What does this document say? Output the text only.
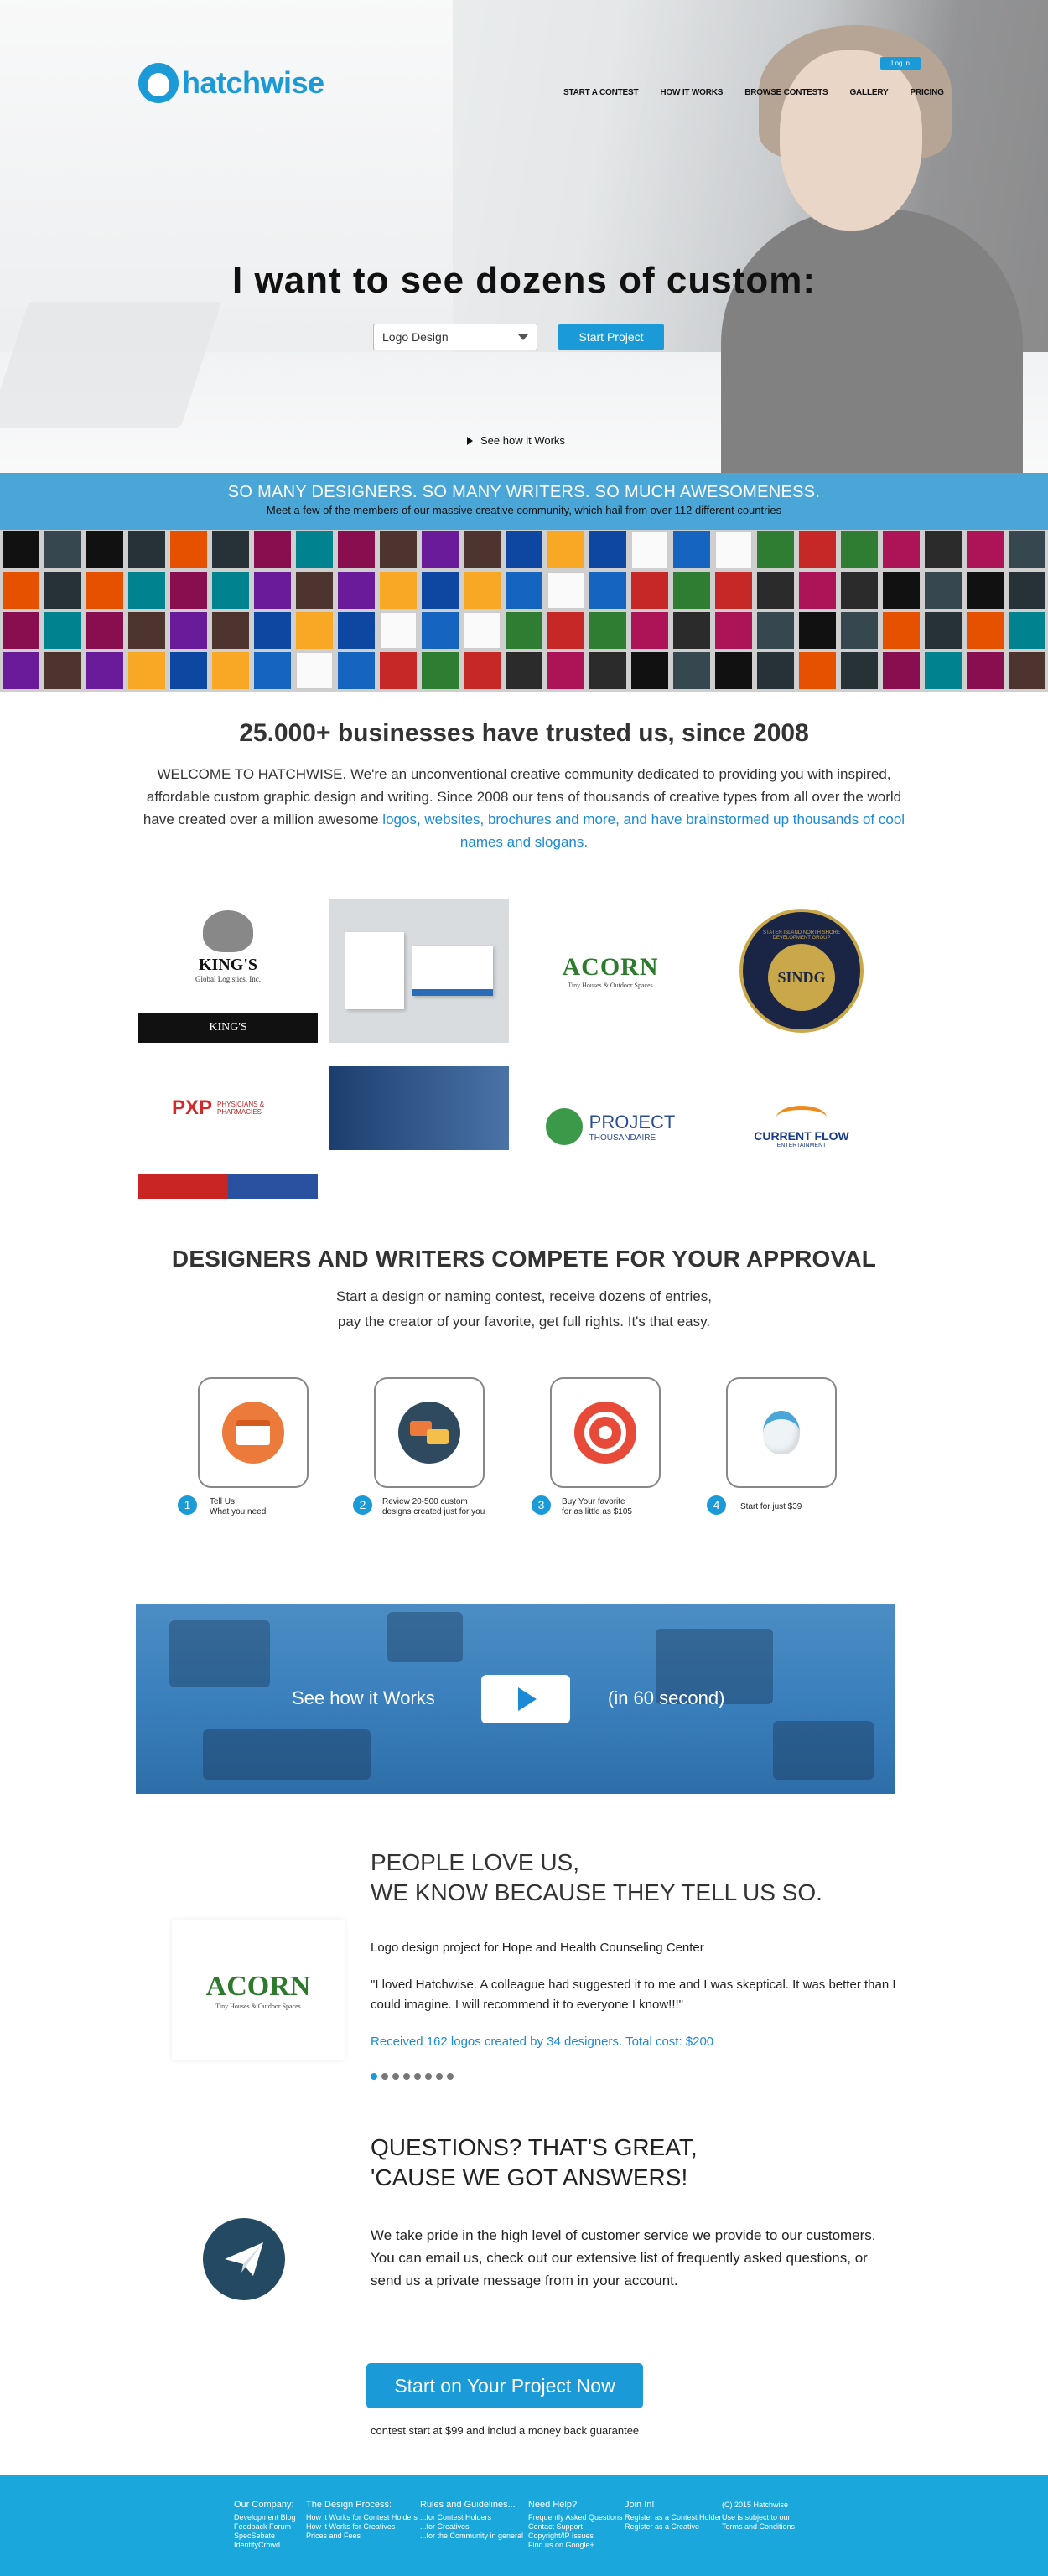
hatchwise
Log in
START A CONTEST	HOW IT WORKS	BROWSE CONTESTS	GALLERY	PRICING
I want to see dozens of custom:
Logo Design	Start Project
See how it Works
SO MANY DESIGNERS. SO MANY WRITERS. SO MUCH AWESOMENESS.

Meet a few of the members of our massive creative community, which hail from over 112 different countries

25.000+ businesses have trusted us, since 2008

WELCOME TO HATCHWISE. We're an unconventional creative community dedicated to providing you with inspired, affordable custom graphic design and writing. Since 2008 our tens of thousands of creative types from all over the world have created over a million awesome logos, websites, brochures and more, and have brainstormed up thousands of cool names and slogans.

KING'S
Global Logistics, Inc.
KING'S
ACORN
Tiny Houses & Outdoor Spaces
STATEN ISLAND NORTH SHORE DEVELOPMENT GROUP
SINDG
PXP PHYSICIANS & PHARMACIES	PROJECT
THOUSANDAIRE	CURRENT FLOW
ENTERTAINMENT
DESIGNERS AND WRITERS COMPETE FOR YOUR APPROVAL
Start a design or naming contest, receive dozens of entries,
pay the creator of your favorite, get full rights. It's that easy.
1	Tell Us
What you need
2	Review 20-500 custom
designs created just for you
3	Buy Your favorite
for as little as $105
4	Start for just $39
See how it Works	(in 60 second)
PEOPLE LOVE US,
WE KNOW BECAUSE THEY TELL US SO.
ACORN
Tiny Houses & Outdoor Spaces
Logo design project for Hope and Health Counseling Center
"I loved Hatchwise. A colleague had suggested it to me and I was skeptical. It was better than I could imagine. I will recommend it to everyone I know!!!"
Received 162 logos created by 34 designers. Total cost: $200
QUESTIONS? THAT'S GREAT,
'CAUSE WE GOT ANSWERS!
We take pride in the high level of customer service we provide to our customers. You can email us, check out our extensive list of frequently asked questions, or send us a private message from in your account.
Start on Your Project Now
contest start at $99 and includ a money back guarantee
Our Company:
Development Blog
Feedback Forum
SpecSebate
IdentityCrowd
The Design Process:
How it Works for Contest Holders
How it Works for Creatives
Prices and Fees
Rules and Guidelines...
...for Contest Holders
...for Creatives
...for the Community in general
Need Help?
Frequently Asked Questions
Contact Support
Copyright/IP Issues
Find us on Google+
Join In!
Register as a Contest Holder
Register as a Creative
(C) 2015 Hatchwise
Use is subject to our
Terms and Conditions
